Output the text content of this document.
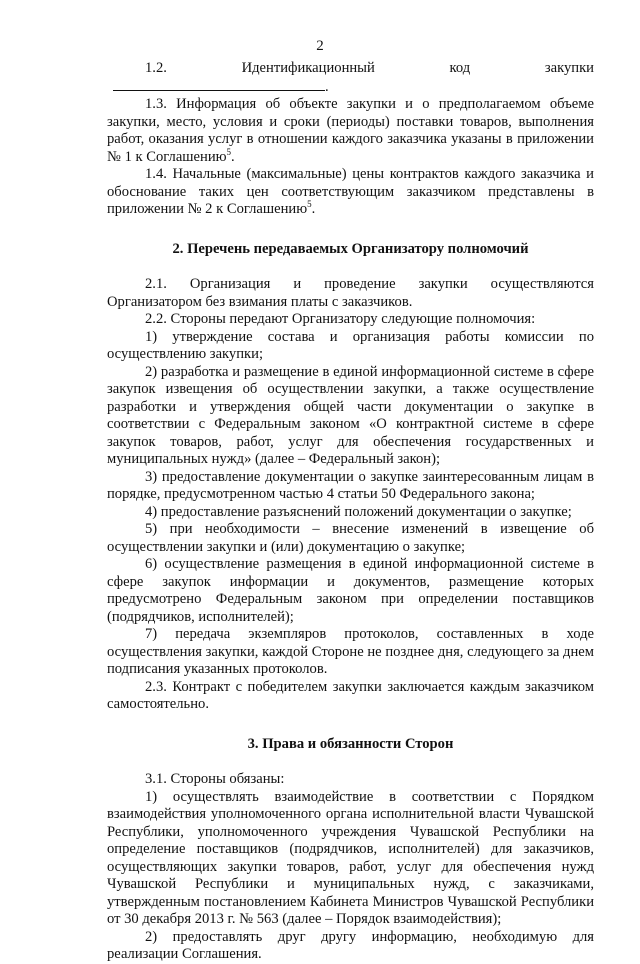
2

1.2. Идентификационный код закупки.

1.3. Информация об объекте закупки и о предполагаемом объеме закупки, место, условия и сроки (периоды) поставки товаров, выполнения работ, оказания услуг в отношении каждого заказчика указаны в приложении № 1 к Соглашению$^5$.

1.4. Начальные (максимальные) цены контрактов каждого заказчика и обоснование таких цен соответствующим заказчиком представлены в приложении № 2 к Соглашению$^5$.

2. Перечень передаваемых Организатору полномочий

2.1. Организация и проведение закупки осуществляются Организатором без взимания платы с заказчиков.

2.2. Стороны передают Организатору следующие полномочия:

1) утверждение состава и организация работы комиссии по осуществлению закупки;

2) разработка и размещение в единой информационной системе в сфере закупок извещения об осуществлении закупки, а также осуществление разработки и утверждения общей части документации о закупке в соответствии с Федеральным законом «О контрактной системе в сфере закупок товаров, работ, услуг для обеспечения государственных и муниципальных нужд» (далее – Федеральный закон);

3) предоставление документации о закупке заинтересованным лицам в порядке, предусмотренном частью 4 статьи 50 Федерального закона;

4) предоставление разъяснений положений документации о закупке;

5) при необходимости – внесение изменений в извещение об осуществлении закупки и (или) документацию о закупке;

6) осуществление размещения в единой информационной системе в сфере закупок информации и документов, размещение которых предусмотрено Федеральным законом при определении поставщиков (подрядчиков, исполнителей);

7) передача экземпляров протоколов, составленных в ходе осуществления закупки, каждой Стороне не позднее дня, следующего за днем подписания указанных протоколов.

2.3. Контракт с победителем закупки заключается каждым заказчиком самостоятельно.

3. Права и обязанности Сторон

3.1. Стороны обязаны:

1) осуществлять взаимодействие в соответствии с Порядком взаимодействия уполномоченного органа исполнительной власти Чувашской Республики, уполномоченного учреждения Чувашской Республики на определение поставщиков (подрядчиков, исполнителей) для заказчиков, осуществляющих закупки товаров, работ, услуг для обеспечения нужд Чувашской Республики и муниципальных нужд, с заказчиками, утвержденным постановлением Кабинета Министров Чувашской Республики от 30 декабря 2013 г. № 563 (далее – Порядок взаимодействия);

2) предоставлять друг другу информацию, необходимую для реализации Соглашения.
